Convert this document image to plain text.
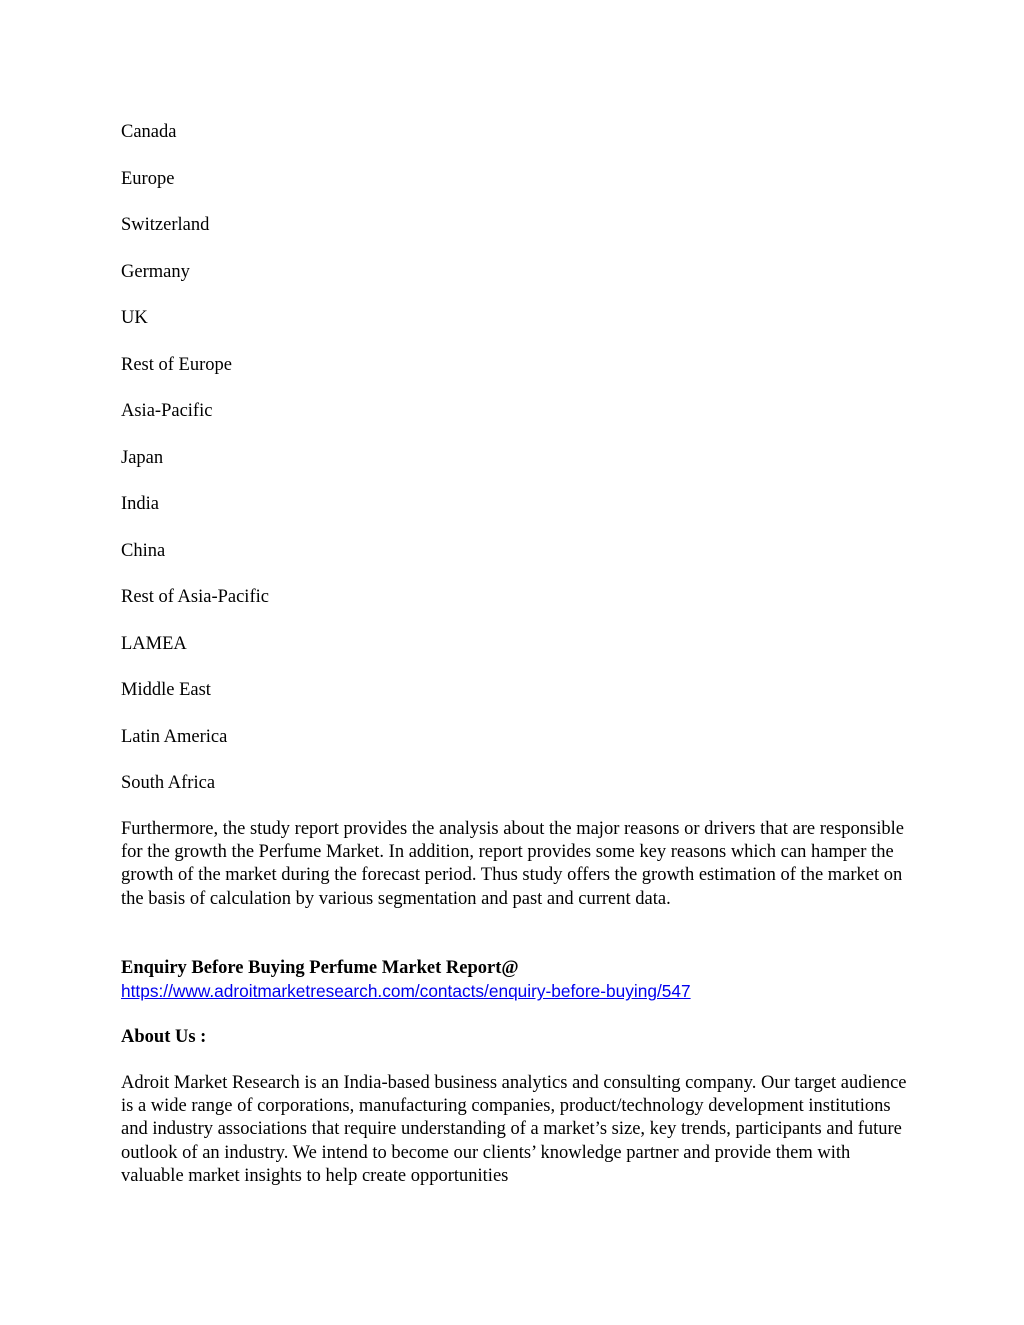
Canada
Europe
Switzerland
Germany
UK
Rest of Europe
Asia-Pacific
Japan
India
China
Rest of Asia-Pacific
LAMEA
Middle East
Latin America
South Africa

Furthermore, the study report provides the analysis about the major reasons or drivers that are responsible for the growth the Perfume Market. In addition, report provides some key reasons which can hamper the growth of the market during the forecast period. Thus study offers the growth estimation of the market on the basis of calculation by various segmentation and past and current data.

Enquiry Before Buying Perfume Market Report@
https://www.adroitmarketresearch.com/contacts/enquiry-before-buying/547

About Us :

Adroit Market Research is an India-based business analytics and consulting company. Our target audience is a wide range of corporations, manufacturing companies, product/technology development institutions and industry associations that require understanding of a market’s size, key trends, participants and future outlook of an industry. We intend to become our clients’ knowledge partner and provide them with valuable market insights to help create opportunities
